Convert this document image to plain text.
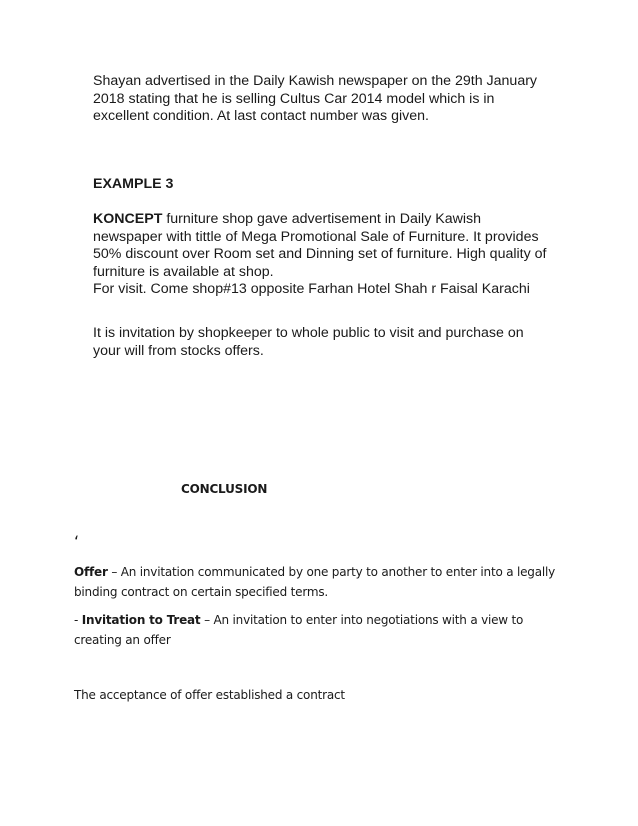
Shayan advertised in the Daily Kawish newspaper on the 29th January
2018 stating that he is selling Cultus Car 2014 model which is in
excellent condition. At last contact number was given.
EXAMPLE 3
KONCEPT furniture shop gave advertisement in Daily Kawish
newspaper with tittle of Mega Promotional Sale of Furniture. It provides
50% discount over Room set and Dinning set of furniture. High quality of
furniture is available at shop.
For visit. Come shop#13 opposite Farhan Hotel Shah r Faisal Karachi
It is invitation by shopkeeper to whole public to visit and purchase on
your will from stocks offers.
CONCLUSION
‘
Offer – An invitation communicated by one party to another to enter into a legally
binding contract on certain specified terms.
- Invitation to Treat – An invitation to enter into negotiations with a view to
creating an offer
The acceptance of offer established a contract
